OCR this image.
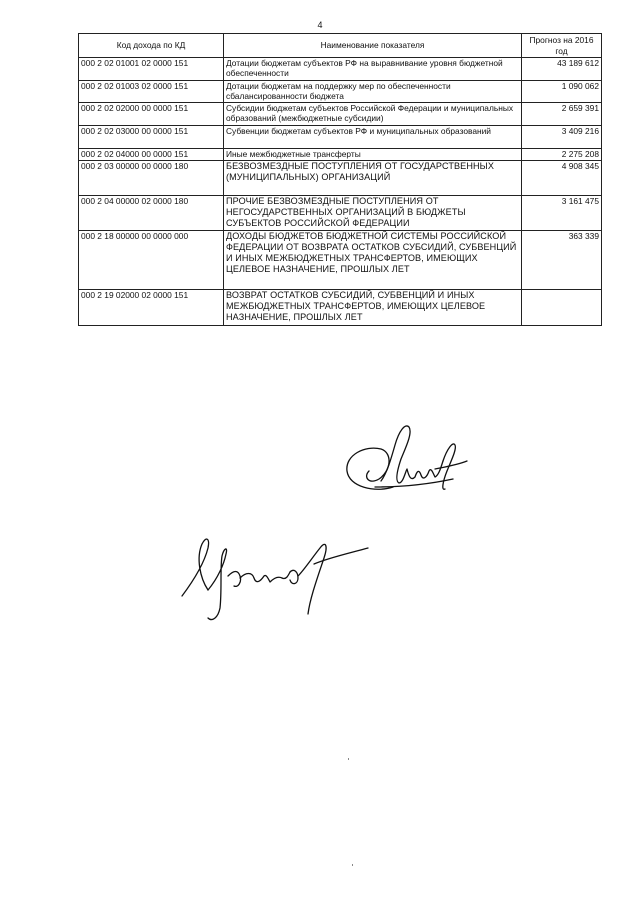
4
Код дохода по КД	Наименование показателя	Прогноз на 2016 год
000 2 02 01001 02 0000 151	Дотации бюджетам субъектов РФ на выравнивание уровня бюджетной обеспеченности	43 189 612
000 2 02 01003 02 0000 151	Дотации бюджетам на поддержку мер по обеспеченности сбалансированности бюджета	1 090 062
000 2 02 02000 00 0000 151	Субсидии бюджетам субъектов Российской Федерации и муниципальных образований (межбюджетные субсидии)	2 659 391
000 2 02 03000 00 0000 151	Субвенции бюджетам субъектов РФ и муниципальных образований	3 409 216
000 2 02 04000 00 0000 151	Иные межбюджетные трансферты	2 275 208
000 2 03 00000 00 0000 180	БЕЗВОЗМЕЗДНЫЕ ПОСТУПЛЕНИЯ ОТ ГОСУДАРСТВЕННЫХ (МУНИЦИПАЛЬНЫХ) ОРГАНИЗАЦИЙ	4 908 345
000 2 04 00000 02 0000 180	ПРОЧИЕ БЕЗВОЗМЕЗДНЫЕ ПОСТУПЛЕНИЯ ОТ НЕГОСУДАРСТВЕННЫХ ОРГАНИЗАЦИЙ В БЮДЖЕТЫ СУБЪЕКТОВ РОССИЙСКОЙ ФЕДЕРАЦИИ	3 161 475
000 2 18 00000 00 0000 000	ДОХОДЫ БЮДЖЕТОВ БЮДЖЕТНОЙ СИСТЕМЫ РОССИЙСКОЙ ФЕДЕРАЦИИ ОТ ВОЗВРАТА ОСТАТКОВ СУБСИДИЙ, СУБВЕНЦИЙ И ИНЫХ МЕЖБЮДЖЕТНЫХ ТРАНСФЕРТОВ, ИМЕЮЩИХ ЦЕЛЕВОЕ НАЗНАЧЕНИЕ, ПРОШЛЫХ ЛЕТ	363 339
000 2 19 02000 02 0000 151	ВОЗВРАТ ОСТАТКОВ СУБСИДИЙ, СУБВЕНЦИЙ И ИНЫХ МЕЖБЮДЖЕТНЫХ ТРАНСФЕРТОВ, ИМЕЮЩИХ ЦЕЛЕВОЕ НАЗНАЧЕНИЕ, ПРОШЛЫХ ЛЕТ	
